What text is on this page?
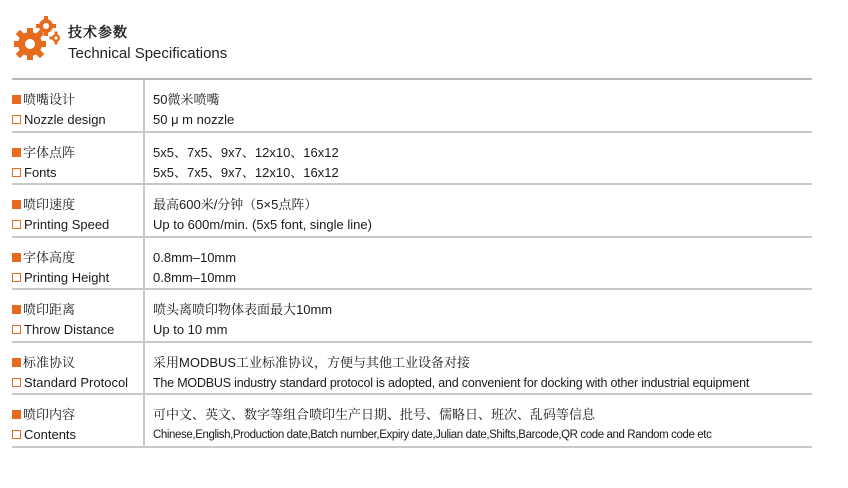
技术参数
Technical Specifications
喷嘴设计
Nozzle design
50微米喷嘴
50 μ m nozzle
字体点阵
Fonts
5x5、7x5、9x7、12x10、16x12
5x5、7x5、9x7、12x10、16x12
喷印速度
Printing Speed
最高600米/分钟（5×5点阵）
Up to 600m/min. (5x5 font, single line)
字体高度
Printing Height
0.8mm–10mm
0.8mm–10mm
喷印距离
Throw Distance
喷头离喷印物体表面最大10mm
Up to 10 mm
标准协议
Standard Protocol
采用MODBUS工业标准协议，方便与其他工业设备对接
The MODBUS industry standard protocol is adopted, and convenient for docking with other industrial equipment
喷印内容
Contents
可中文、英文、数字等组合喷印生产日期、批号、儒略日、班次、乱码等信息
Chinese,English,Production date,Batch number,Expiry date,Julian date,Shifts,Barcode,QR code and Random code etc
